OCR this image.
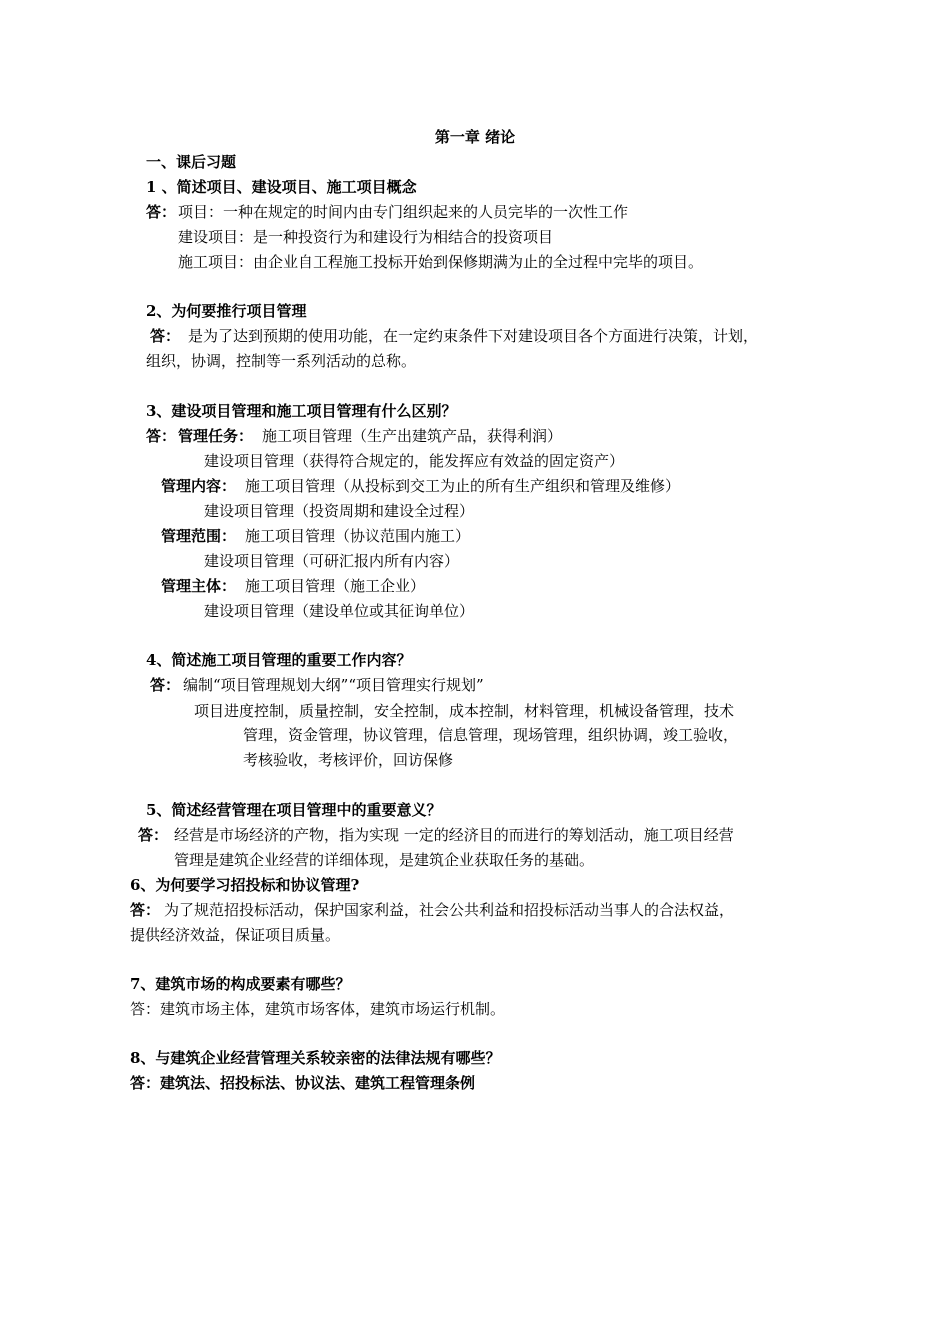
第一章 绪论
一、课后习题
1 、简述项目、建设项目、施工项目概念
答： 项目：一种在规定的时间内由专门组织起来的人员完毕的一次性工作
建设项目：是一种投资行为和建设行为相结合的投资项目
施工项目：由企业自工程施工投标开始到保修期满为止的全过程中完毕的项目。
2、为何要推行项目管理
答： 是为了达到预期的使用功能，在一定约束条件下对建设项目各个方面进行决策，计划，
组织，协调，控制等一系列活动的总称。
3、建设项目管理和施工项目管理有什么区别？
答： 管理任务： 施工项目管理（生产出建筑产品，获得利润）
建设项目管理（获得符合规定的，能发挥应有效益的固定资产）
管理内容： 施工项目管理（从投标到交工为止的所有生产组织和管理及维修）
建设项目管理（投资周期和建设全过程）
管理范围： 施工项目管理（协议范围内施工）
建设项目管理（可研汇报内所有内容）
管理主体： 施工项目管理（施工企业）
建设项目管理（建设单位或其征询单位）
4、简述施工项目管理的重要工作内容？
答： 编制“项目管理规划大纲”“项目管理实行规划”
项目进度控制，质量控制，安全控制，成本控制，材料管理，机械设备管理，技术
管理，资金管理，协议管理，信息管理，现场管理，组织协调，竣工验收，
考核验收，考核评价，回访保修
5、简述经营管理在项目管理中的重要意义？
答： 经营是市场经济的产物，指为实现 一定的经济目的而进行的筹划活动，施工项目经营
管理是建筑企业经营的详细体现，是建筑企业获取任务的基础。
6、为何要学习招投标和协议管理?
答： 为了规范招投标活动，保护国家利益，社会公共利益和招投标活动当事人的合法权益，
提供经济效益，保证项目质量。
7、建筑市场的构成要素有哪些？
答：建筑市场主体，建筑市场客体，建筑市场运行机制。
8、与建筑企业经营管理关系较亲密的法律法规有哪些？
答：建筑法、招投标法、协议法、建筑工程管理条例
